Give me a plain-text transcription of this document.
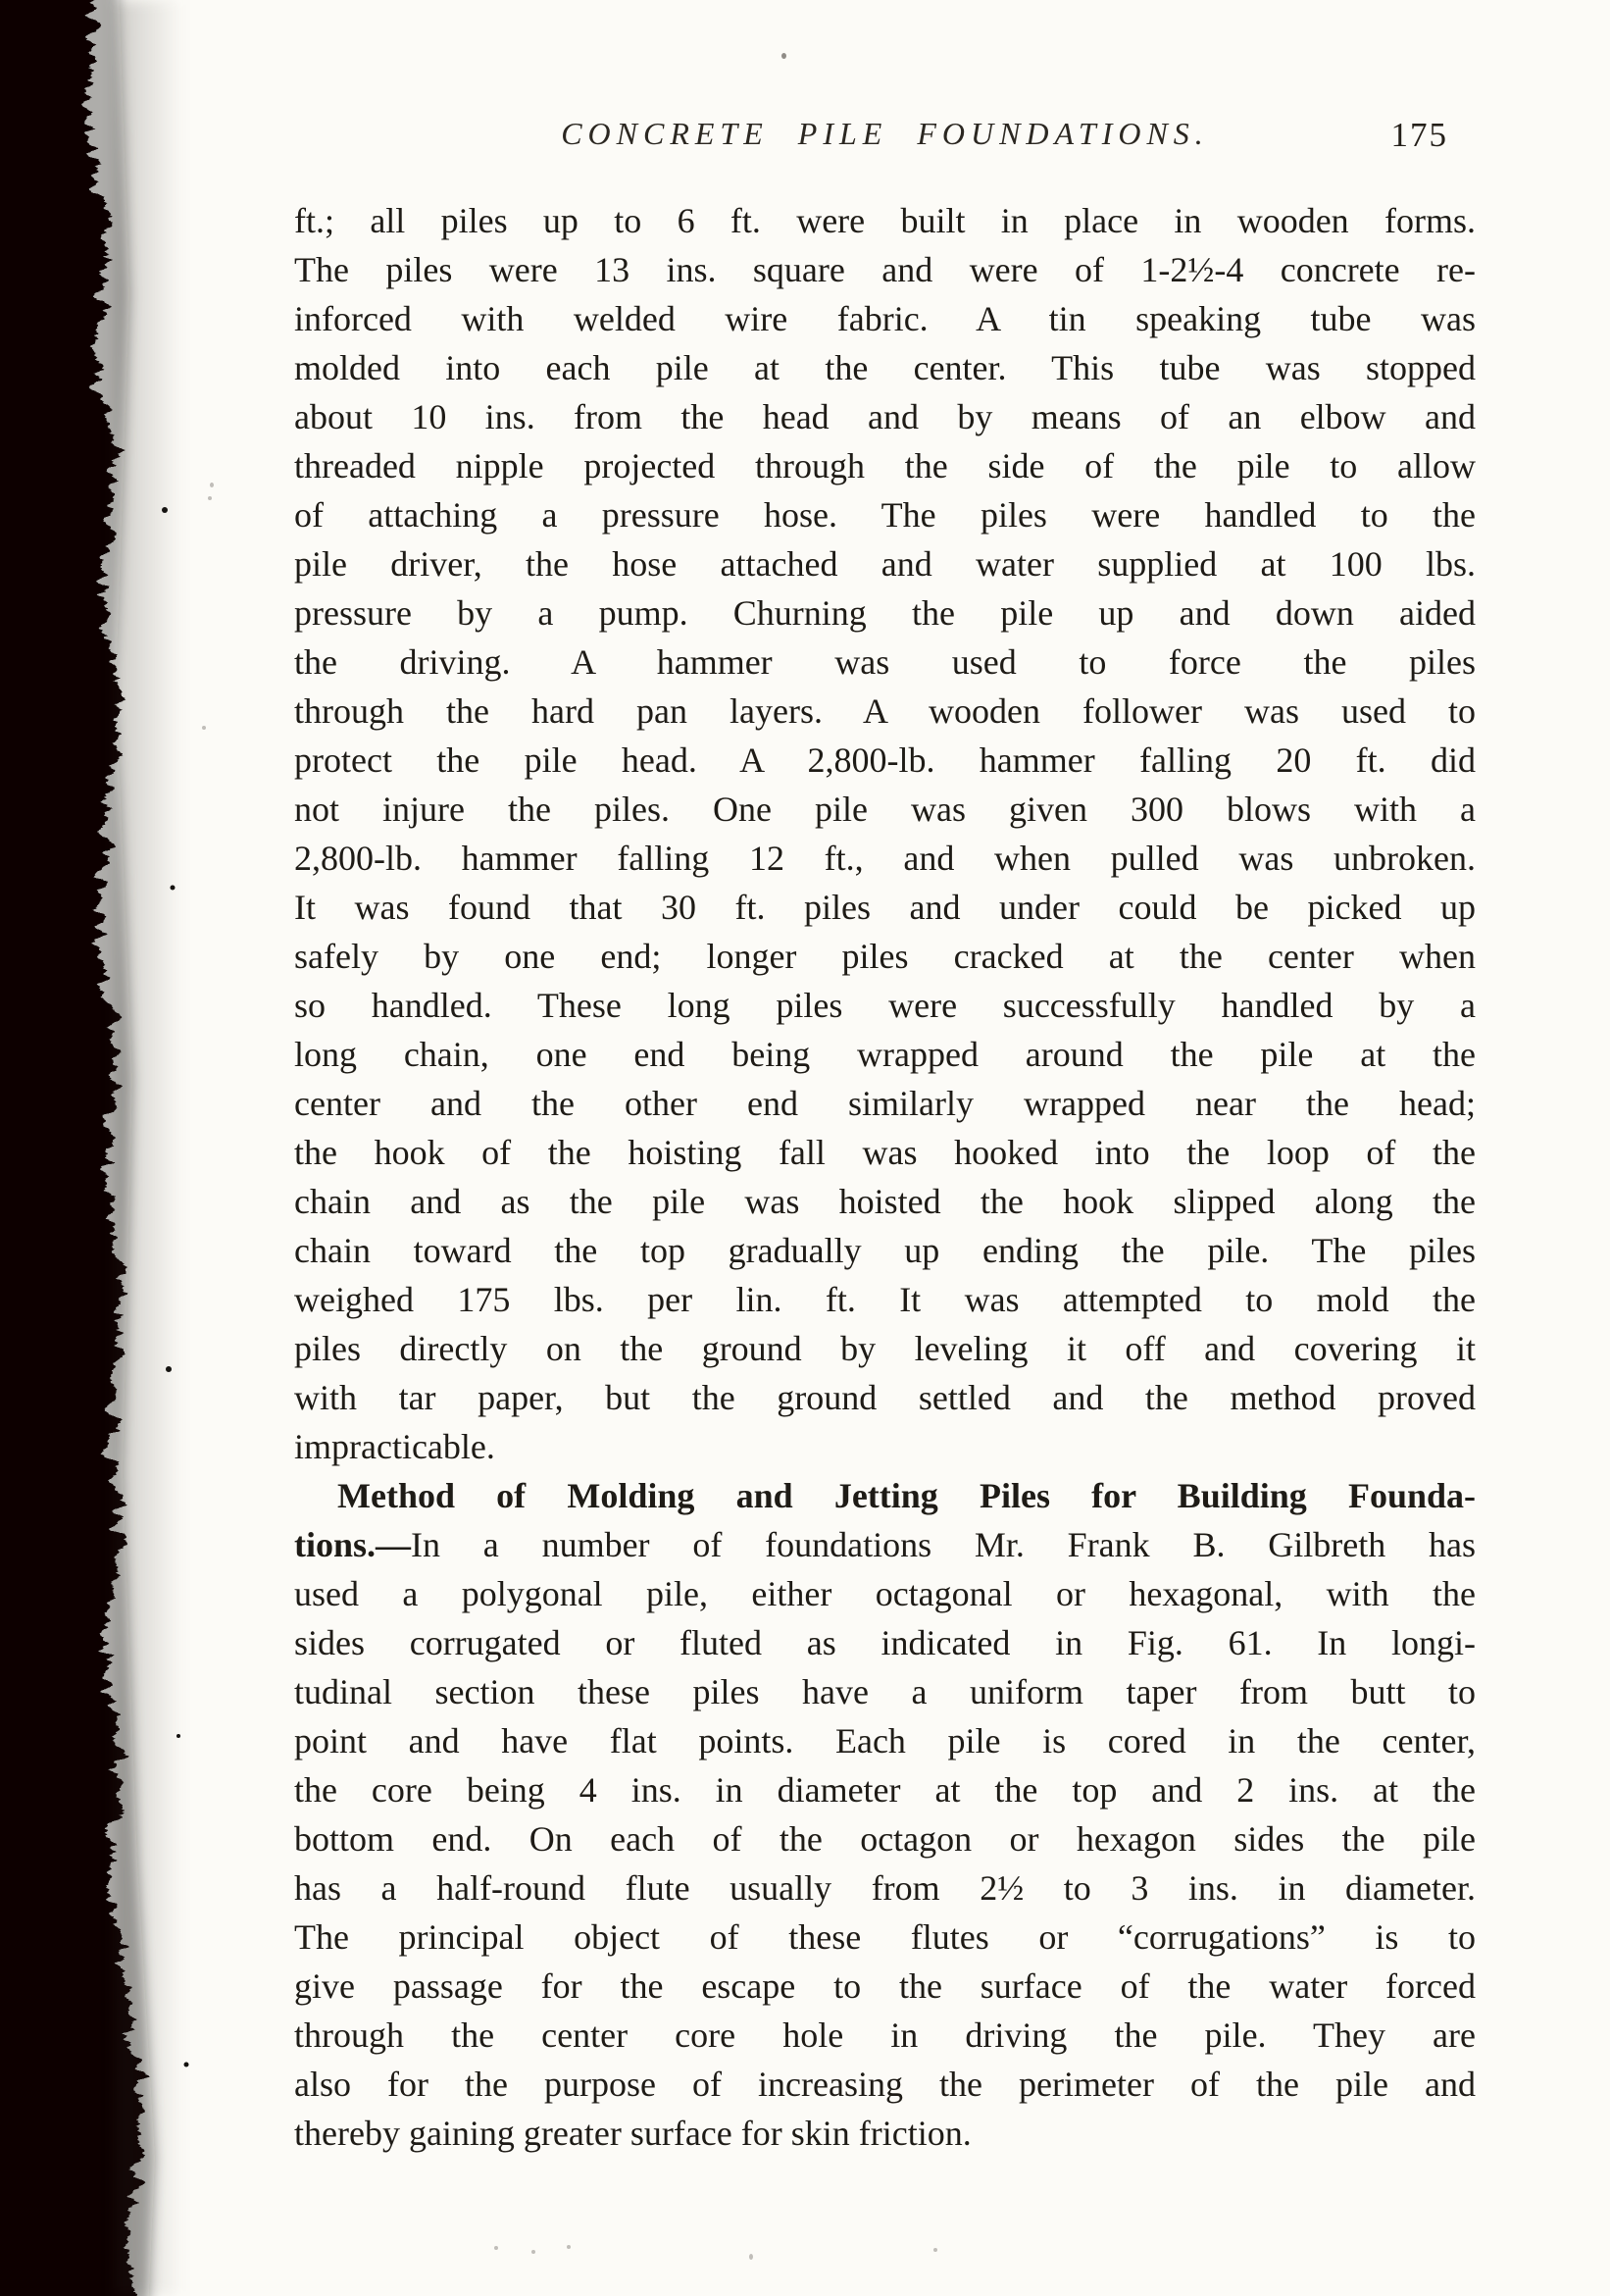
CONCRETE PILE FOUNDATIONS.	175
ft.; all piles up to 6 ft. were built in place in wooden forms.
The piles were 13 ins. square and were of 1-2½-4 concrete re-
inforced with welded wire fabric. A tin speaking tube was
molded into each pile at the center. This tube was stopped
about 10 ins. from the head and by means of an elbow and
threaded nipple projected through the side of the pile to allow
of attaching a pressure hose. The piles were handled to the
pile driver, the hose attached and water supplied at 100 lbs.
pressure by a pump. Churning the pile up and down aided
the driving. A hammer was used to force the piles
through the hard pan layers. A wooden follower was used to
protect the pile head. A 2,800-lb. hammer falling 20 ft. did
not injure the piles. One pile was given 300 blows with a
2,800-lb. hammer falling 12 ft., and when pulled was unbroken.
It was found that 30 ft. piles and under could be picked up
safely by one end; longer piles cracked at the center when
so handled. These long piles were successfully handled by a
long chain, one end being wrapped around the pile at the
center and the other end similarly wrapped near the head;
the hook of the hoisting fall was hooked into the loop of the
chain and as the pile was hoisted the hook slipped along the
chain toward the top gradually up ending the pile. The piles
weighed 175 lbs. per lin. ft. It was attempted to mold the
piles directly on the ground by leveling it off and covering it
with tar paper, but the ground settled and the method proved
impracticable.
Method of Molding and Jetting Piles for Building Founda-
tions.—In a number of foundations Mr. Frank B. Gilbreth has
used a polygonal pile, either octagonal or hexagonal, with the
sides corrugated or fluted as indicated in Fig. 61. In longi-
tudinal section these piles have a uniform taper from butt to
point and have flat points. Each pile is cored in the center,
the core being 4 ins. in diameter at the top and 2 ins. at the
bottom end. On each of the octagon or hexagon sides the pile
has a half-round flute usually from 2½ to 3 ins. in diameter.
The principal object of these flutes or “corrugations” is to
give passage for the escape to the surface of the water forced
through the center core hole in driving the pile. They are
also for the purpose of increasing the perimeter of the pile and
thereby gaining greater surface for skin friction.
